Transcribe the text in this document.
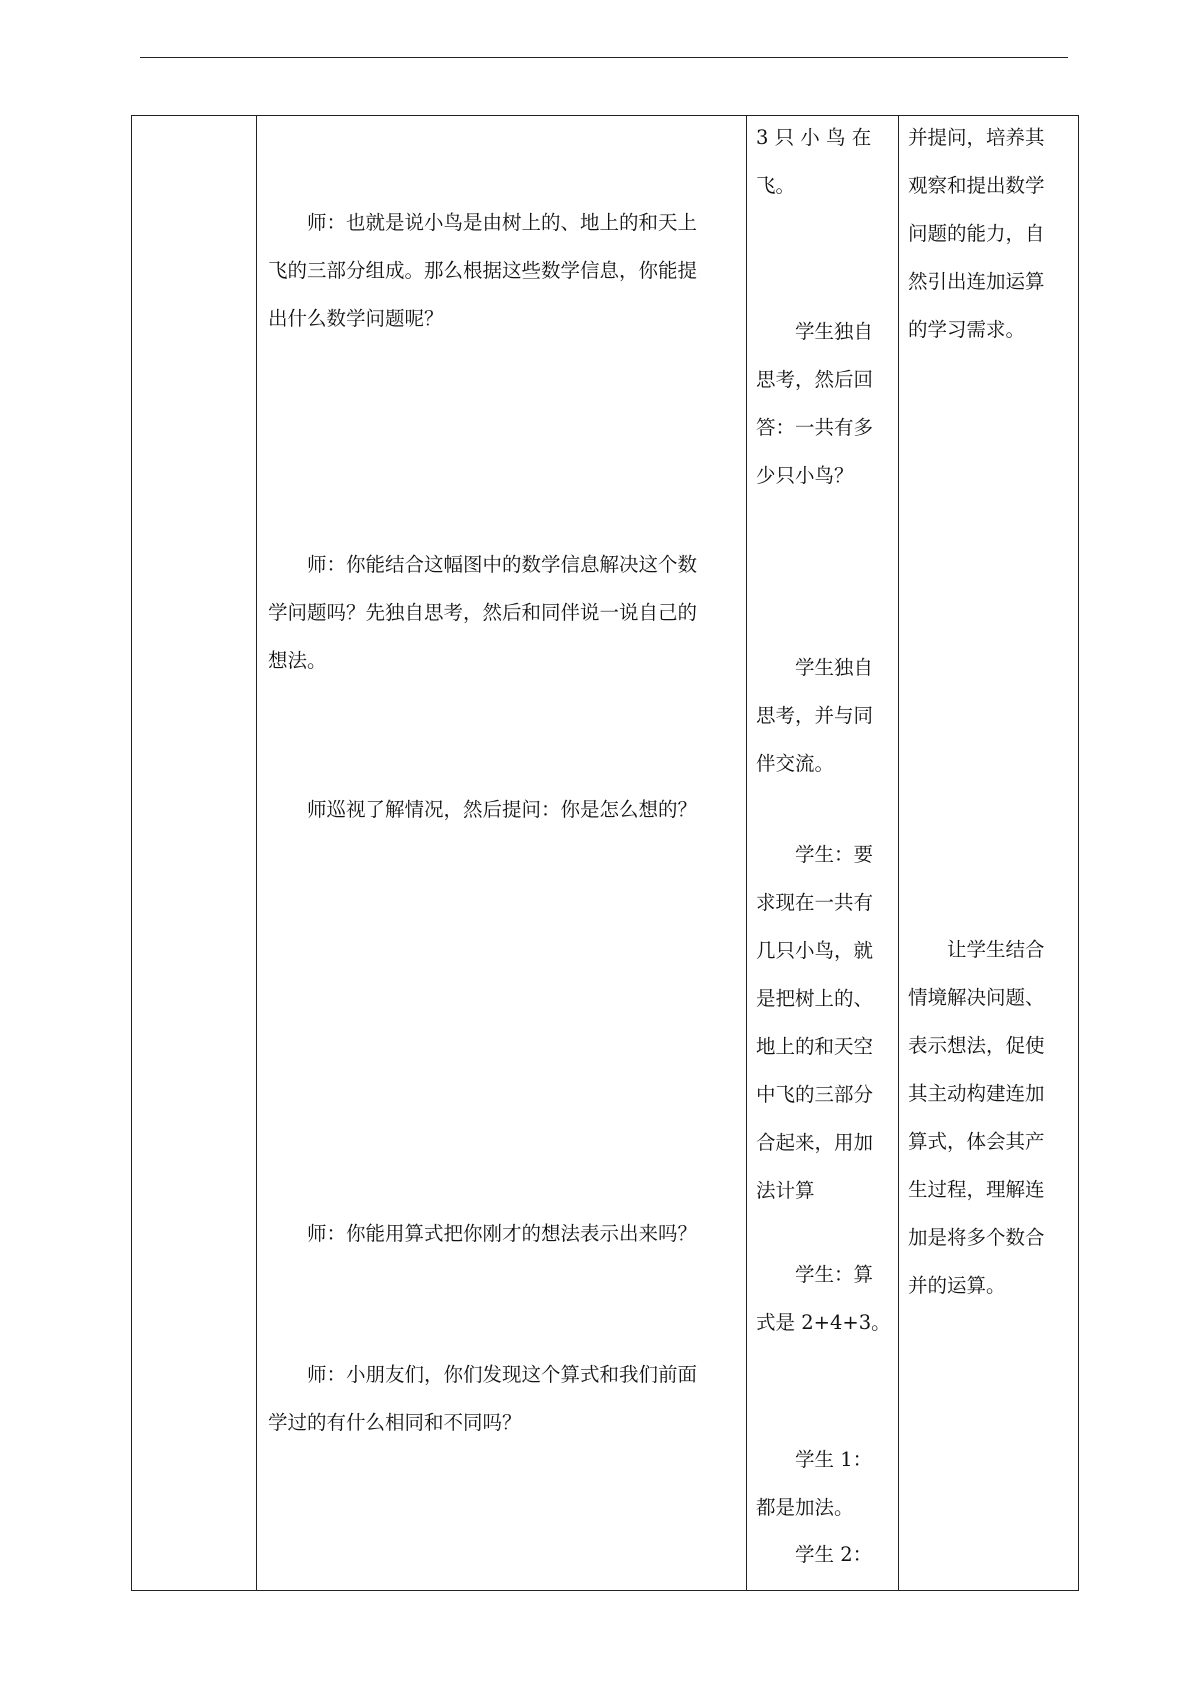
　　师：也就是说小鸟是由树上的、地上的和天上
飞的三部分组成。那么根据这些数学信息，你能提
出什么数学问题呢？
　　师：你能结合这幅图中的数学信息解决这个数
学问题吗？先独自思考，然后和同伴说一说自己的
想法。
　　师巡视了解情况，然后提问：你是怎么想的？
　　师：你能用算式把你刚才的想法表示出来吗？
　　师：小朋友们，你们发现这个算式和我们前面
学过的有什么相同和不同吗？
3 只 小 鸟 在
飞。
　　学生独自
思考，然后回
答：一共有多
少只小鸟？
　　学生独自
思考，并与同
伴交流。
　　学生：要
求现在一共有
几只小鸟，就
是把树上的、
地上的和天空
中飞的三部分
合起来，用加
法计算
　　学生：算
式是 2+4+3。
　　学生 1：
都是加法。
　　学生 2：
并提问，培养其
观察和提出数学
问题的能力，自
然引出连加运算
的学习需求。
　　让学生结合
情境解决问题、
表示想法，促使
其主动构建连加
算式，体会其产
生过程，理解连
加是将多个数合
并的运算。
